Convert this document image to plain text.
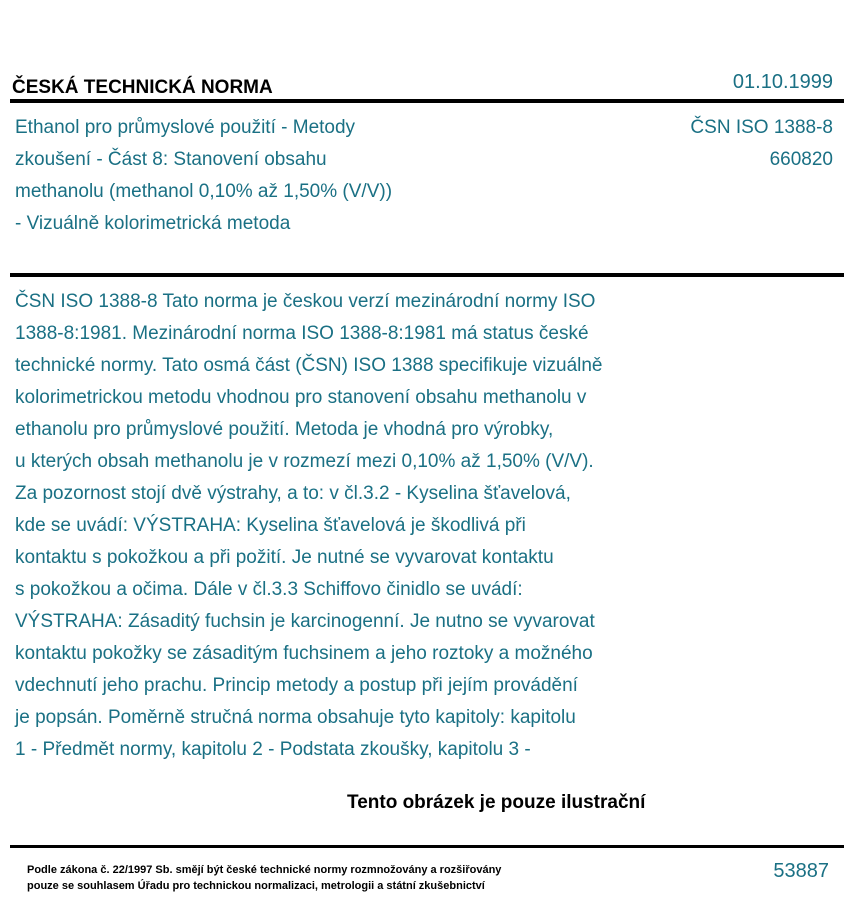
ČESKÁ TECHNICKÁ NORMA	01.10.1999
Ethanol pro průmyslové použití - Metody
zkoušení - Část 8: Stanovení obsahu
methanolu (methanol 0,10% až 1,50% (V/V))
- Vizuálně kolorimetrická metoda
ČSN ISO 1388-8
660820
ČSN ISO 1388-8 Tato norma je českou verzí mezinárodní normy ISO
1388-8:1981. Mezinárodní norma ISO 1388-8:1981 má status české
technické normy. Tato osmá část (ČSN) ISO 1388 specifikuje vizuálně
kolorimetrickou metodu vhodnou pro stanovení obsahu methanolu v
ethanolu pro průmyslové použití. Metoda je vhodná pro výrobky,
u kterých obsah methanolu je v rozmezí mezi 0,10% až 1,50% (V/V).
Za pozornost stojí dvě výstrahy, a to: v čl.3.2 - Kyselina šťavelová,
kde se uvádí: VÝSTRAHA: Kyselina šťavelová je škodlivá při
kontaktu s pokožkou a při požití. Je nutné se vyvarovat kontaktu
s pokožkou a očima. Dále v čl.3.3 Schiffovo činidlo se uvádí:
VÝSTRAHA: Zásaditý fuchsin je karcinogenní. Je nutno se vyvarovat
kontaktu pokožky se zásaditým fuchsinem a jeho roztoky a možného
vdechnutí jeho prachu. Princip metody a postup při jejím provádění
je popsán. Poměrně stručná norma obsahuje tyto kapitoly: kapitolu
1 - Předmět normy, kapitolu 2 - Podstata zkoušky, kapitolu 3 -
Tento obrázek je pouze ilustrační
Podle zákona č. 22/1997 Sb. smějí být české technické normy rozmnožovány a rozšiřovány
pouze se souhlasem Úřadu pro technickou normalizaci, metrologii a státní zkušebnictví
53887
